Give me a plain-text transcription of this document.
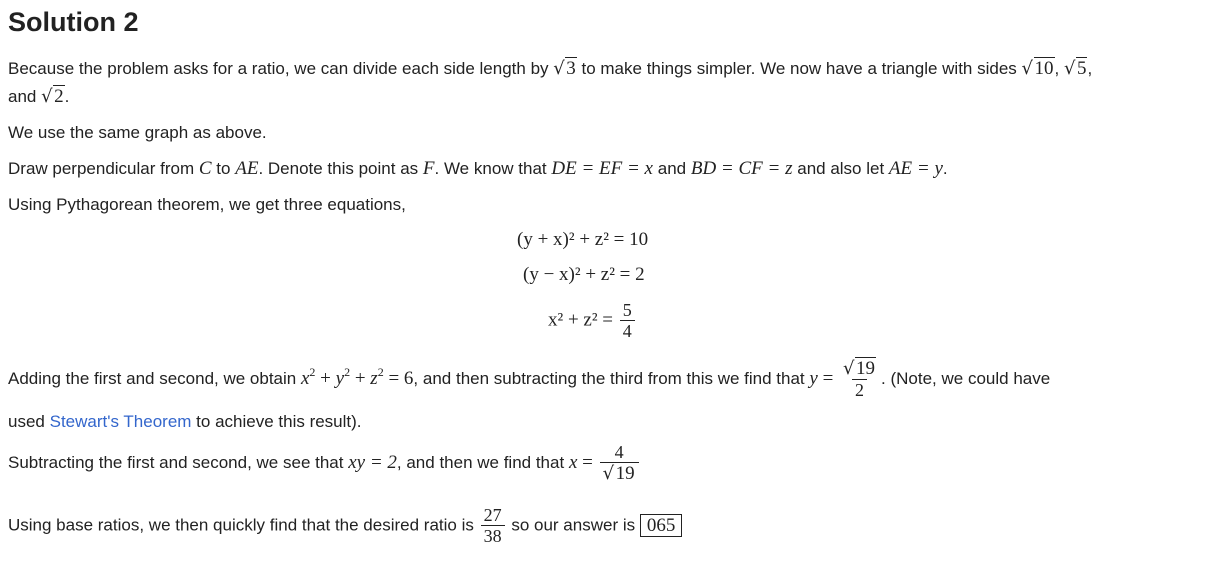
Solution 2
Because the problem asks for a ratio, we can divide each side length by √ 3 to make things simpler. We now have a triangle with sides √ 10, √ 5,
and √ 2.
We use the same graph as above.
Draw perpendicular from C to AE. Denote this point as F. We know that DE = EF = x and BD = CF = z and also let AE = y.
Using Pythagorean theorem, we get three equations,
(y + x)² + z² = 10
(y − x)² + z² = 2
$x^2 + z^2 = \frac{5}{4}$
Adding the first and second, we obtain $x^2 + y^2 + z^2 = 6$, and then subtracting the third from this we find that $y = \frac{√ 19}{2}$ . (Note, we could have
used Stewart's Theorem to achieve this result).
Subtracting the first and second, we see that xy = 2, and then we find that $x = \frac{4}{√ 19}$
Using base ratios, we then quickly find that the desired ratio is $\frac{27}{38}$ so our answer is 065
